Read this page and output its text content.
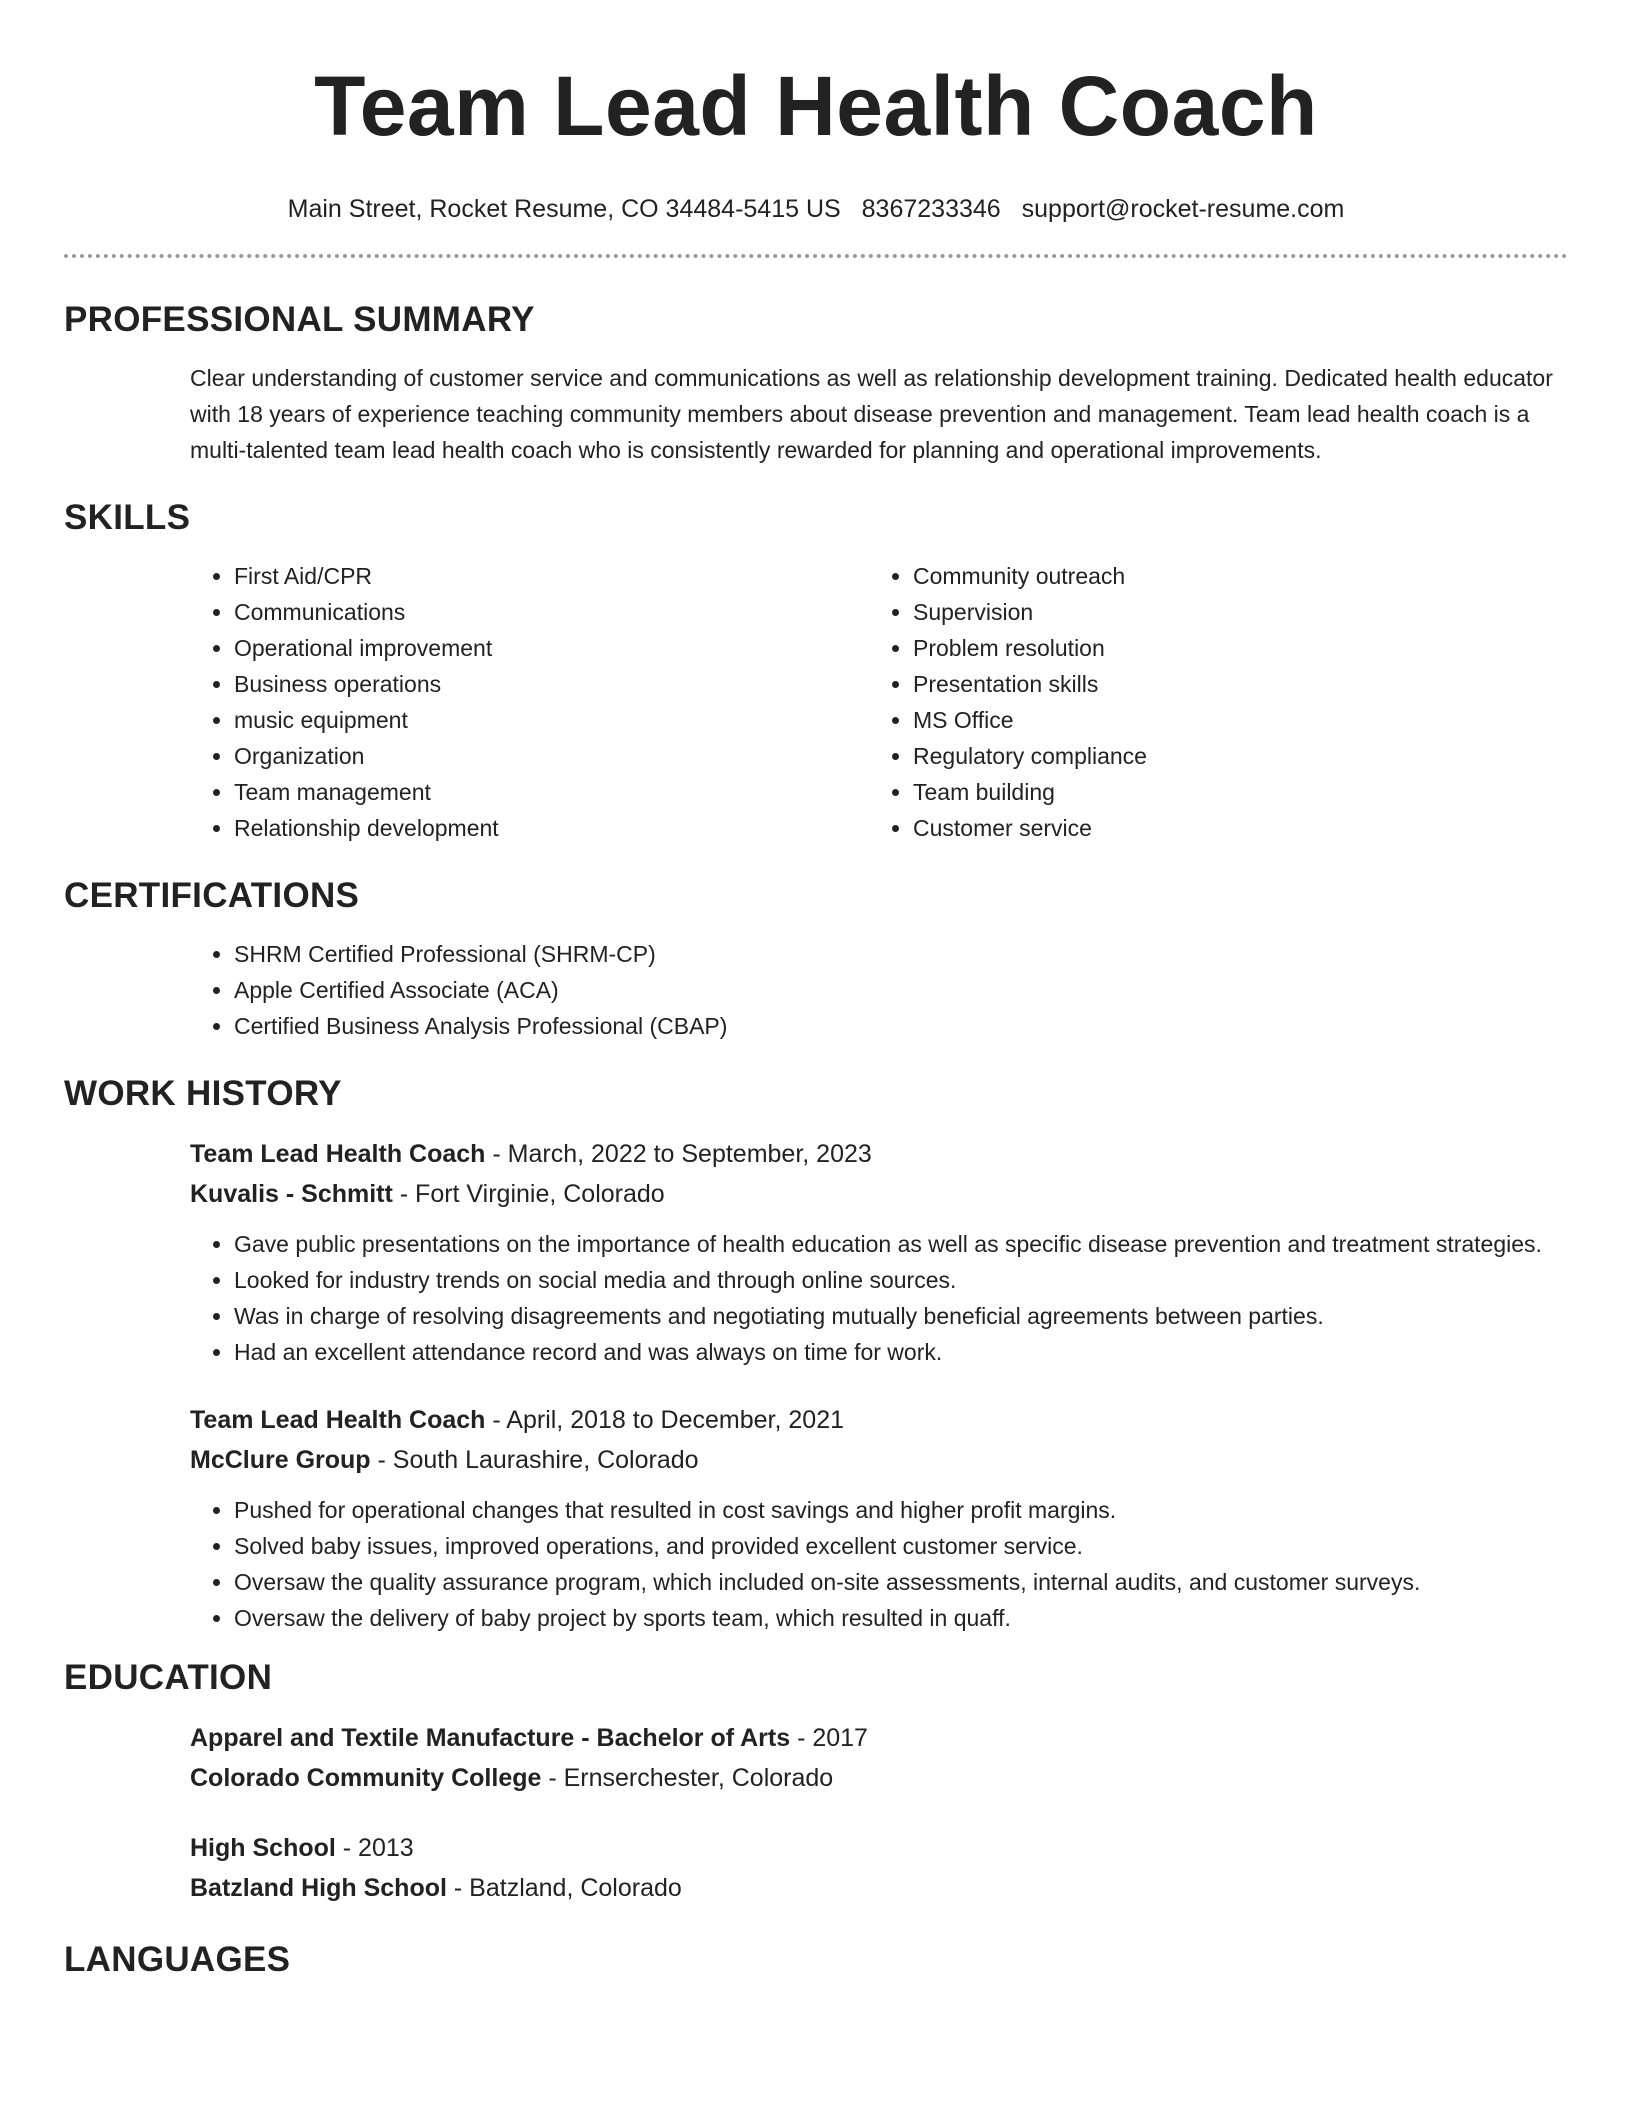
Team Lead Health Coach
Main Street, Rocket Resume, CO 34484-5415 US 8367233346 support@rocket-resume.com
PROFESSIONAL SUMMARY

Clear understanding of customer service and communications as well as relationship development training. Dedicated health educator with 18 years of experience teaching community members about disease prevention and management. Team lead health coach is a multi-talented team lead health coach who is consistently rewarded for planning and operational improvements.

SKILLS
• First Aid/CPR
• Communications
• Operational improvement
• Business operations
• music equipment
• Organization
• Team management
• Relationship development
• Community outreach
• Supervision
• Problem resolution
• Presentation skills
• MS Office
• Regulatory compliance
• Team building
• Customer service
CERTIFICATIONS
• SHRM Certified Professional (SHRM-CP)
• Apple Certified Associate (ACA)
• Certified Business Analysis Professional (CBAP)
WORK HISTORY
Team Lead Health Coach - March, 2022 to September, 2023
Kuvalis - Schmitt - Fort Virginie, Colorado
• Gave public presentations on the importance of health education as well as specific disease prevention and treatment strategies.
• Looked for industry trends on social media and through online sources.
• Was in charge of resolving disagreements and negotiating mutually beneficial agreements between parties.
• Had an excellent attendance record and was always on time for work.
Team Lead Health Coach - April, 2018 to December, 2021
McClure Group - South Laurashire, Colorado
• Pushed for operational changes that resulted in cost savings and higher profit margins.
• Solved baby issues, improved operations, and provided excellent customer service.
• Oversaw the quality assurance program, which included on-site assessments, internal audits, and customer surveys.
• Oversaw the delivery of baby project by sports team, which resulted in quaff.
EDUCATION
Apparel and Textile Manufacture - Bachelor of Arts - 2017
Colorado Community College - Ernserchester, Colorado
High School - 2013
Batzland High School - Batzland, Colorado
LANGUAGES
